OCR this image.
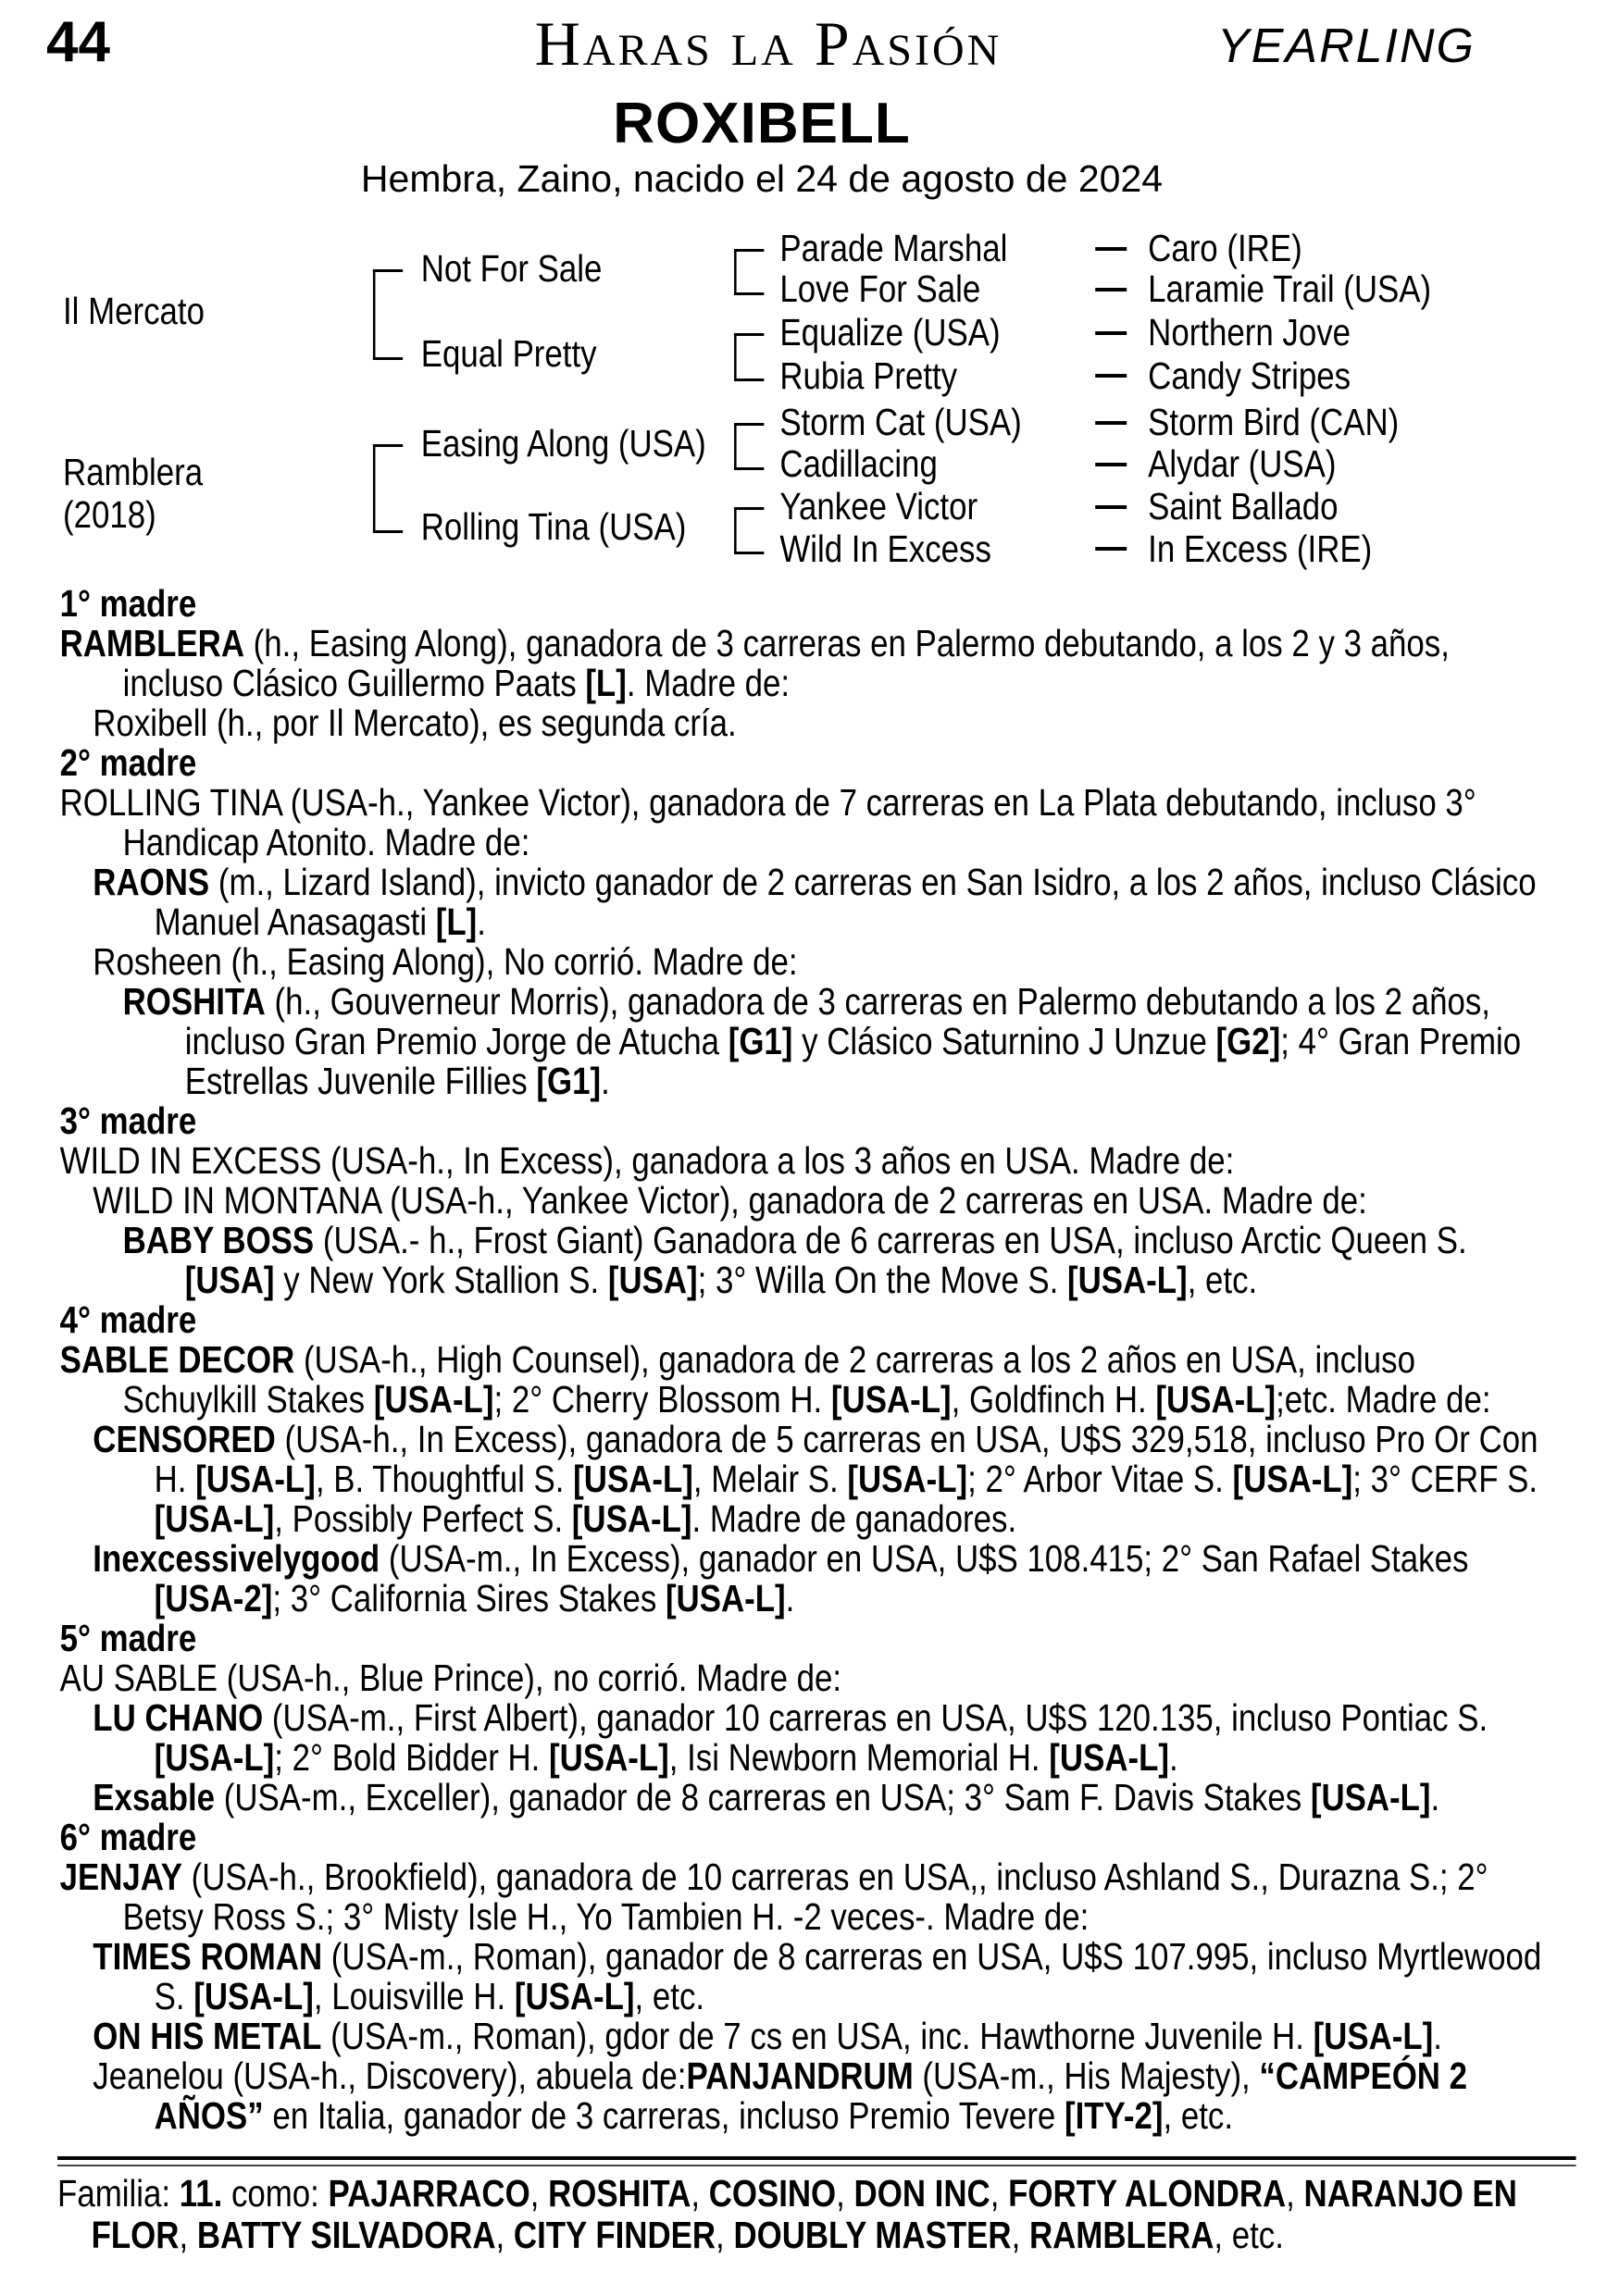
44	Haras la Pasión	YEARLING
ROXIBELL
Hembra, Zaino, nacido el 24 de agosto de 2024
Il Mercato
Ramblera
(2018)
Not For Sale
Equal Pretty
Easing Along (USA)
Rolling Tina (USA)
Parade Marshal
Love For Sale
Equalize (USA)
Rubia Pretty
Storm Cat (USA)
Cadillacing
Yankee Victor
Wild In Excess
Caro (IRE)
Laramie Trail (USA)
Northern Jove
Candy Stripes
Storm Bird (CAN)
Alydar (USA)
Saint Ballado
In Excess (IRE)
1° madre
RAMBLERA (h., Easing Along), ganadora de 3 carreras en Palermo debutando, a los 2 y 3 años, incluso Clásico Guillermo Paats [L]. Madre de:
Roxibell (h., por Il Mercato), es segunda cría.
2° madre
ROLLING TINA (USA-h., Yankee Victor), ganadora de 7 carreras en La Plata debutando, incluso 3° Handicap Atonito. Madre de:
RAONS (m., Lizard Island), invicto ganador de 2 carreras en San Isidro, a los 2 años, incluso Clásico Manuel Anasagasti [L].
Rosheen (h., Easing Along), No corrió. Madre de:
ROSHITA (h., Gouverneur Morris), ganadora de 3 carreras en Palermo debutando a los 2 años, incluso Gran Premio Jorge de Atucha [G1] y Clásico Saturnino J Unzue [G2]; 4° Gran Premio Estrellas Juvenile Fillies [G1].
3° madre
WILD IN EXCESS (USA-h., In Excess), ganadora a los 3 años en USA. Madre de:
WILD IN MONTANA (USA-h., Yankee Victor), ganadora de 2 carreras en USA. Madre de:
BABY BOSS (USA.- h., Frost Giant) Ganadora de 6 carreras en USA, incluso Arctic Queen S. [USA] y New York Stallion S. [USA]; 3° Willa On the Move S. [USA-L], etc.
4° madre
SABLE DECOR (USA-h., High Counsel), ganadora de 2 carreras a los 2 años en USA, incluso Schuylkill Stakes [USA-L]; 2° Cherry Blossom H. [USA-L], Goldfinch H. [USA-L];etc. Madre de:
CENSORED (USA-h., In Excess), ganadora de 5 carreras en USA, U$S 329,518, incluso Pro Or Con H. [USA-L], B. Thoughtful S. [USA-L], Melair S. [USA-L]; 2° Arbor Vitae S. [USA-L]; 3° CERF S. [USA-L], Possibly Perfect S. [USA-L]. Madre de ganadores.
Inexcessivelygood (USA-m., In Excess), ganador en USA, U$S 108.415; 2° San Rafael Stakes [USA-2]; 3° California Sires Stakes [USA-L].
5° madre
AU SABLE (USA-h., Blue Prince), no corrió. Madre de:
LU CHANO (USA-m., First Albert), ganador 10 carreras en USA, U$S 120.135, incluso Pontiac S. [USA-L]; 2° Bold Bidder H. [USA-L], Isi Newborn Memorial H. [USA-L].
Exsable (USA-m., Exceller), ganador de 8 carreras en USA; 3° Sam F. Davis Stakes [USA-L].
6° madre
JENJAY (USA-h., Brookfield), ganadora de 10 carreras en USA,, incluso Ashland S., Durazna S.; 2° Betsy Ross S.; 3° Misty Isle H., Yo Tambien H. -2 veces-. Madre de:
TIMES ROMAN (USA-m., Roman), ganador de 8 carreras en USA, U$S 107.995, incluso Myrtlewood S. [USA-L], Louisville H. [USA-L], etc.
ON HIS METAL (USA-m., Roman), gdor de 7 cs en USA, inc. Hawthorne Juvenile H. [USA-L].
Jeanelou (USA-h., Discovery), abuela de:PANJANDRUM (USA-m., His Majesty), “CAMPEÓN 2 AÑOS” en Italia, ganador de 3 carreras, incluso Premio Tevere [ITY-2], etc.
Familia: 11. como: PAJARRACO, ROSHITA, COSINO, DON INC, FORTY ALONDRA, NARANJO EN FLOR, BATTY SILVADORA, CITY FINDER, DOUBLY MASTER, RAMBLERA, etc.
